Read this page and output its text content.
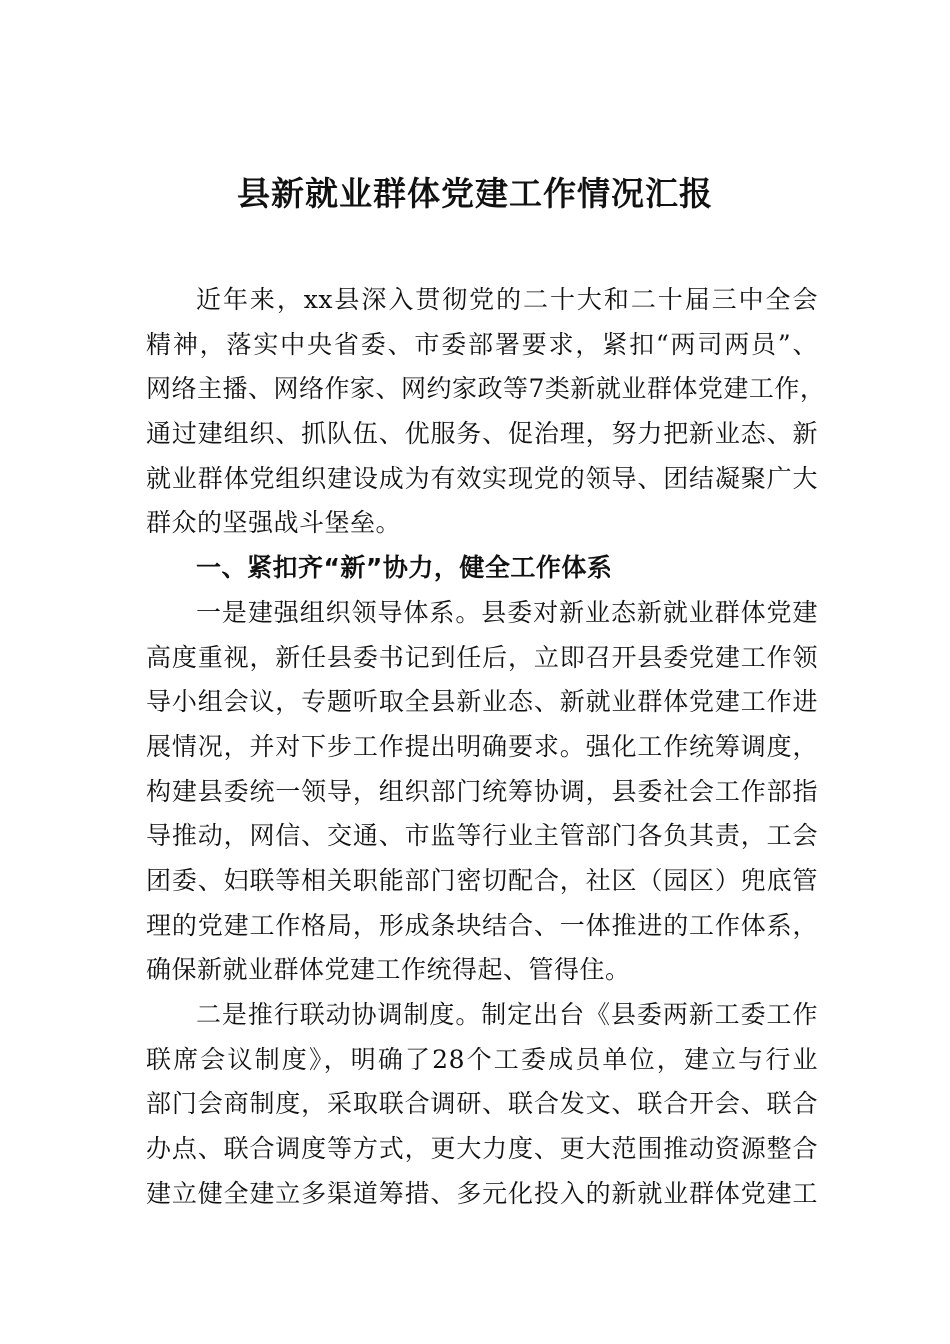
县新就业群体党建工作情况汇报
近年来，xx县深入贯彻党的二十大和二十届三中全会
精神，落实中央省委、市委部署要求，紧扣“两司两员”、
网络主播、网络作家、网约家政等7类新就业群体党建工作，
通过建组织、抓队伍、优服务、促治理，努力把新业态、新
就业群体党组织建设成为有效实现党的领导、团结凝聚广大
群众的坚强战斗堡垒。
一、紧扣齐“新”协力，健全工作体系
一是建强组织领导体系。县委对新业态新就业群体党建
高度重视，新任县委书记到任后，立即召开县委党建工作领
导小组会议，专题听取全县新业态、新就业群体党建工作进
展情况，并对下步工作提出明确要求。强化工作统筹调度，
构建县委统一领导，组织部门统筹协调，县委社会工作部指
导推动，网信、交通、市监等行业主管部门各负其责，工会
团委、妇联等相关职能部门密切配合，社区（园区）兜底管
理的党建工作格局，形成条块结合、一体推进的工作体系，
确保新就业群体党建工作统得起、管得住。
二是推行联动协调制度。制定出台《县委两新工委工作
联席会议制度》，明确了28个工委成员单位，建立与行业
部门会商制度，采取联合调研、联合发文、联合开会、联合
办点、联合调度等方式，更大力度、更大范围推动资源整合
建立健全建立多渠道筹措、多元化投入的新就业群体党建工
